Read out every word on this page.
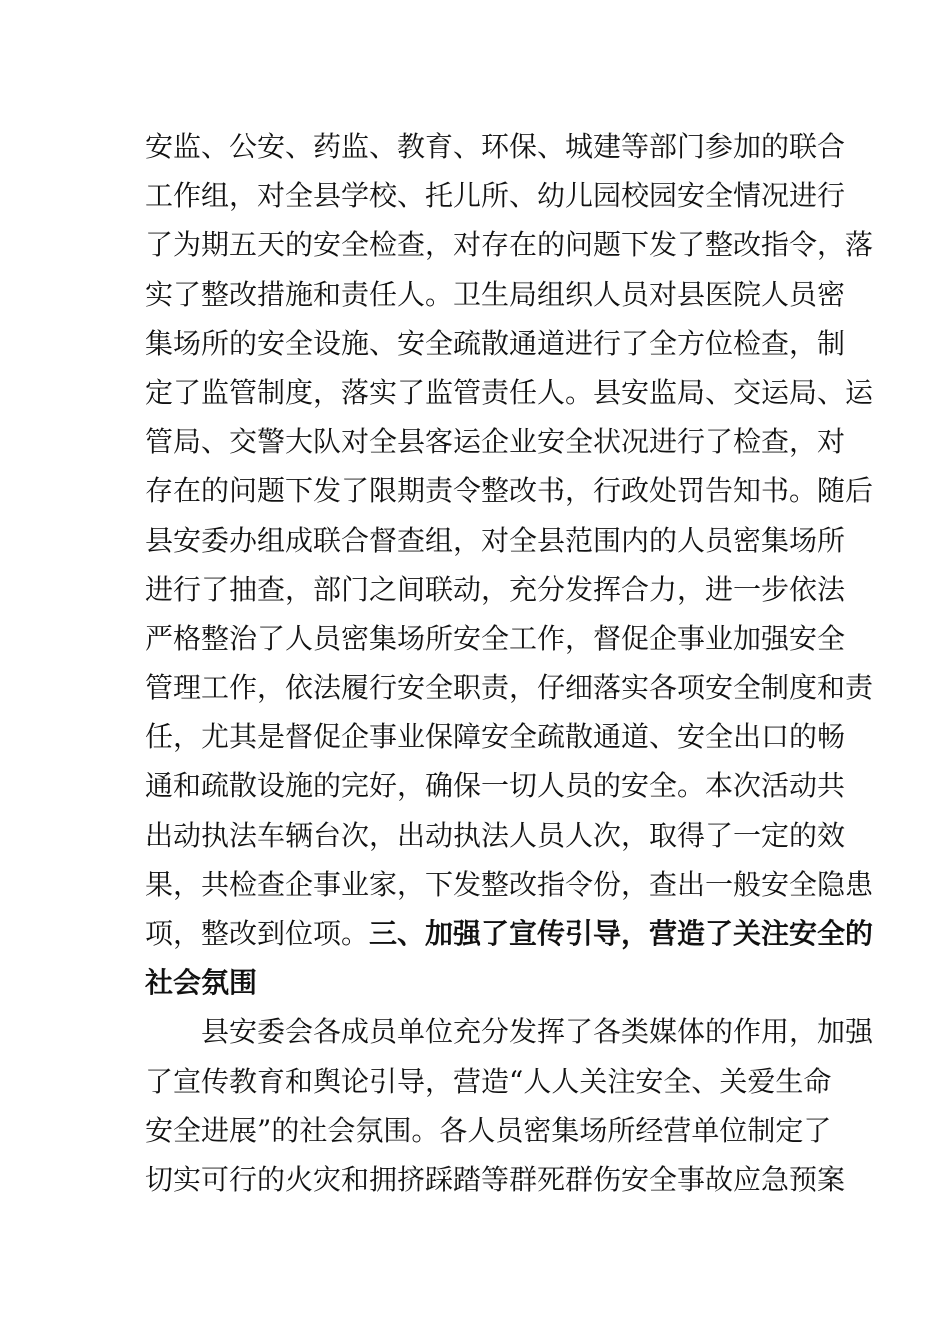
安监、公安、药监、教育、环保、城建等部门参加的联合
工作组，对全县学校、托儿所、幼儿园校园安全情况进行
了为期五天的安全检查，对存在的问题下发了整改指令，落
实了整改措施和责任人。卫生局组织人员对县医院人员密
集场所的安全设施、安全疏散通道进行了全方位检查，制
定了监管制度，落实了监管责任人。县安监局、交运局、运
管局、交警大队对全县客运企业安全状况进行了检查，对
存在的问题下发了限期责令整改书，行政处罚告知书。随后
县安委办组成联合督查组，对全县范围内的人员密集场所
进行了抽查，部门之间联动，充分发挥合力，进一步依法
严格整治了人员密集场所安全工作，督促企事业加强安全
管理工作，依法履行安全职责，仔细落实各项安全制度和责
任，尤其是督促企事业保障安全疏散通道、安全出口的畅
通和疏散设施的完好，确保一切人员的安全。本次活动共
出动执法车辆台次，出动执法人员人次，取得了一定的效
果，共检查企事业家，下发整改指令份，查出一般安全隐患
项，整改到位项。三、加强了宣传引导，营造了关注安全的
社会氛围
县安委会各成员单位充分发挥了各类媒体的作用，加强
了宣传教育和舆论引导，营造“人人关注安全、关爱生命
安全进展”的社会氛围。各人员密集场所经营单位制定了
切实可行的火灾和拥挤踩踏等群死群伤安全事故应急预案
